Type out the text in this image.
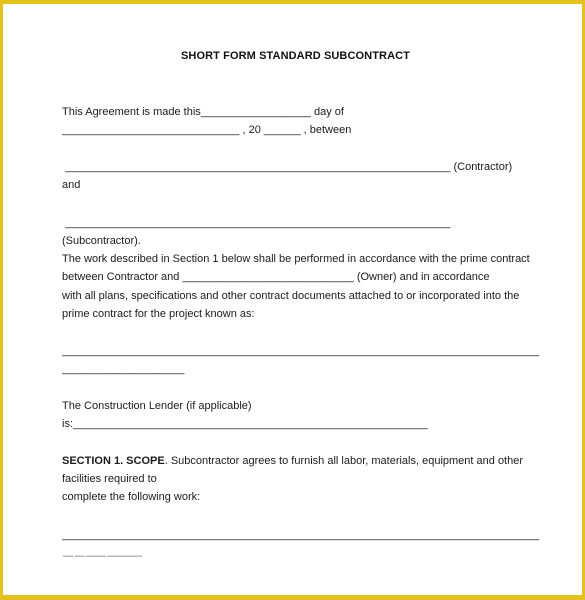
SHORT FORM STANDARD SUBCONTRACT
This Agreement is made this__________________ day of
_____________________________ , 20 ______ , between
_______________________________________________________________ (Contractor)
and
_______________________________________________________________
(Subcontractor).
The work described in Section 1 below shall be performed in accordance with the prime contract
between Contractor and ____________________________ (Owner) and in accordance
with all plans, specifications and other contract documents attached to or incorporated into the
prime contract for the project known as:
______________________________________________________________________________
____________________
The Construction Lender (if applicable)
is:__________________________________________________________
SECTION 1. SCOPE. Subcontractor agrees to furnish all labor, materials, equipment and other
facilities required to
complete the following work:
______________________________________________________________________________
▬▬ ▬▬ ▬▬▬▬ ▬▬▬▬▬▬▬
